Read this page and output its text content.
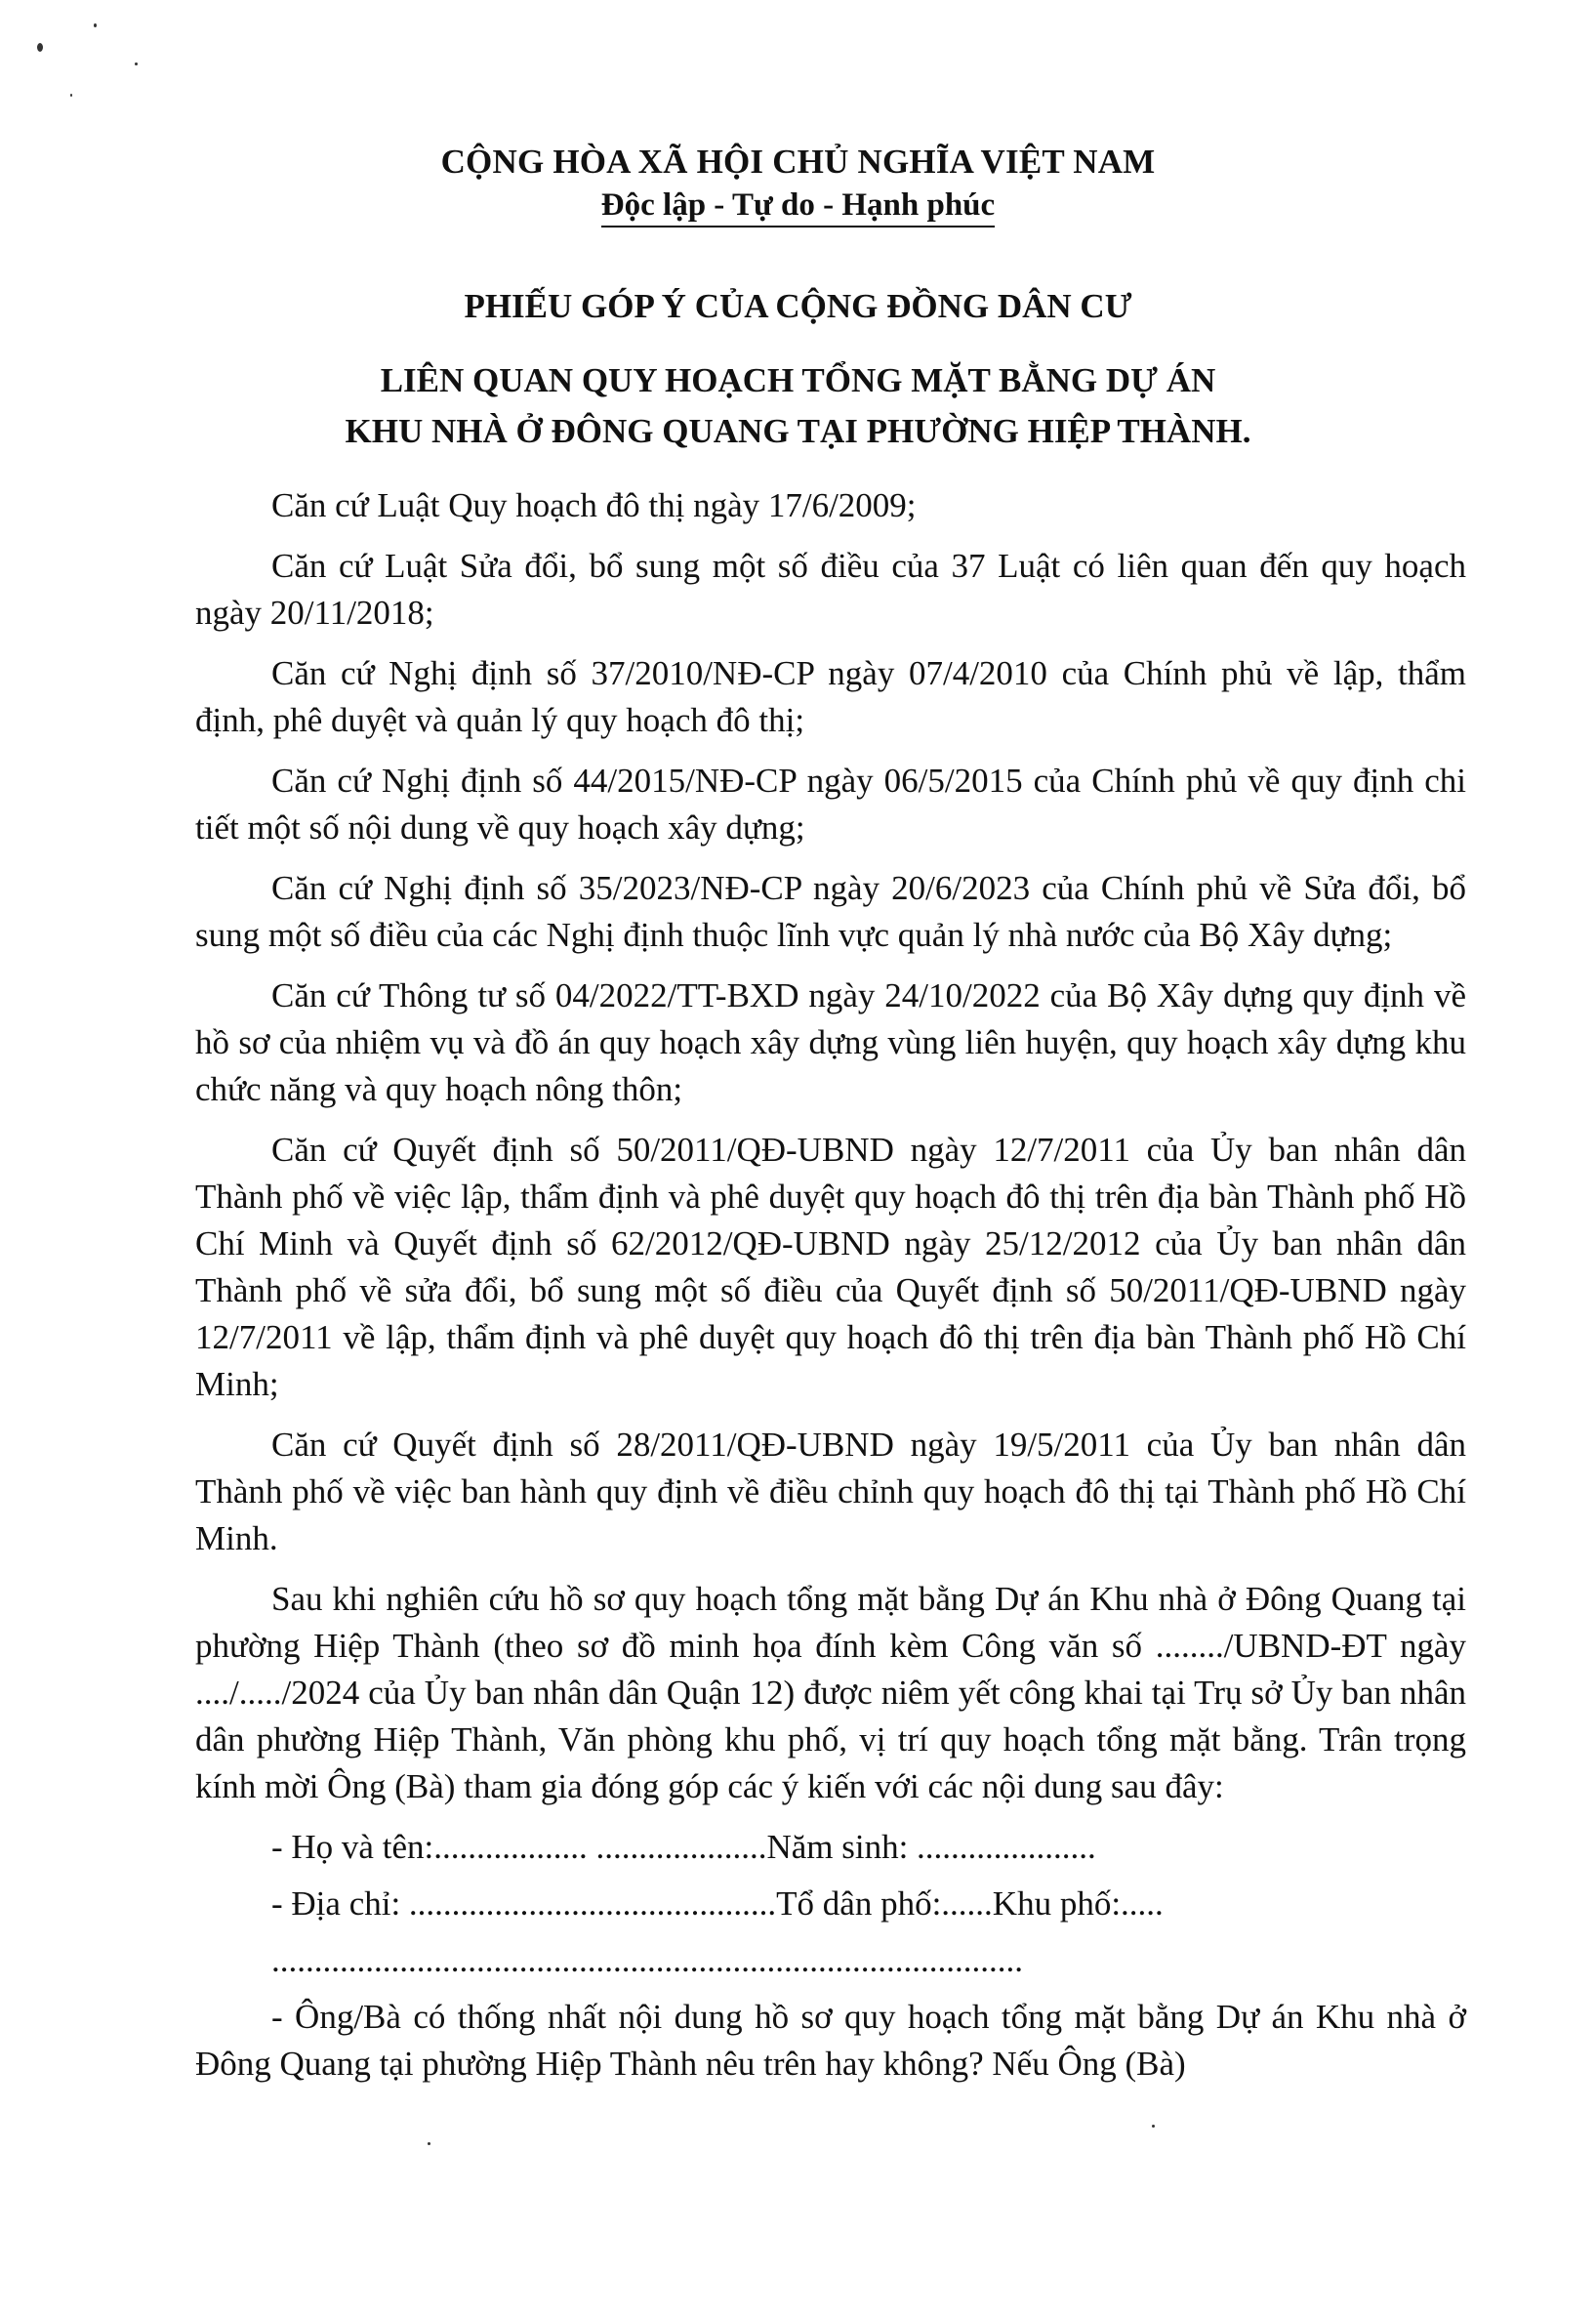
CỘNG HÒA XÃ HỘI CHỦ NGHĨA VIỆT NAM
Độc lập - Tự do - Hạnh phúc
PHIẾU GÓP Ý CỦA CỘNG ĐỒNG DÂN CƯ
LIÊN QUAN QUY HOẠCH TỔNG MẶT BẰNG DỰ ÁN
KHU NHÀ Ở ĐÔNG QUANG TẠI PHƯỜNG HIỆP THÀNH.

Căn cứ Luật Quy hoạch đô thị ngày 17/6/2009;

Căn cứ Luật Sửa đổi, bổ sung một số điều của 37 Luật có liên quan đến quy hoạch ngày 20/11/2018;

Căn cứ Nghị định số 37/2010/NĐ-CP ngày 07/4/2010 của Chính phủ về lập, thẩm định, phê duyệt và quản lý quy hoạch đô thị;

Căn cứ Nghị định số 44/2015/NĐ-CP ngày 06/5/2015 của Chính phủ về quy định chi tiết một số nội dung về quy hoạch xây dựng;

Căn cứ Nghị định số 35/2023/NĐ-CP ngày 20/6/2023 của Chính phủ về Sửa đổi, bổ sung một số điều của các Nghị định thuộc lĩnh vực quản lý nhà nước của Bộ Xây dựng;

Căn cứ Thông tư số 04/2022/TT-BXD ngày 24/10/2022 của Bộ Xây dựng quy định về hồ sơ của nhiệm vụ và đồ án quy hoạch xây dựng vùng liên huyện, quy hoạch xây dựng khu chức năng và quy hoạch nông thôn;

Căn cứ Quyết định số 50/2011/QĐ-UBND ngày 12/7/2011 của Ủy ban nhân dân Thành phố về việc lập, thẩm định và phê duyệt quy hoạch đô thị trên địa bàn Thành phố Hồ Chí Minh và Quyết định số 62/2012/QĐ-UBND ngày 25/12/2012 của Ủy ban nhân dân Thành phố về sửa đổi, bổ sung một số điều của Quyết định số 50/2011/QĐ-UBND ngày 12/7/2011 về lập, thẩm định và phê duyệt quy hoạch đô thị trên địa bàn Thành phố Hồ Chí Minh;

Căn cứ Quyết định số 28/2011/QĐ-UBND ngày 19/5/2011 của Ủy ban nhân dân Thành phố về việc ban hành quy định về điều chỉnh quy hoạch đô thị tại Thành phố Hồ Chí Minh.

Sau khi nghiên cứu hồ sơ quy hoạch tổng mặt bằng Dự án Khu nhà ở Đông Quang tại phường Hiệp Thành (theo sơ đồ minh họa đính kèm Công văn số ......../UBND-ĐT ngày ..../...../2024 của Ủy ban nhân dân Quận 12) được niêm yết công khai tại Trụ sở Ủy ban nhân dân phường Hiệp Thành, Văn phòng khu phố, vị trí quy hoạch tổng mặt bằng. Trân trọng kính mời Ông (Bà) tham gia đóng góp các ý kiến với các nội dung sau đây:

- Họ và tên:.................. ....................Năm sinh: .....................

- Địa chỉ: ...........................................Tổ dân phố:......Khu phố:.....

........................................................................................

- Ông/Bà có thống nhất nội dung hồ sơ quy hoạch tổng mặt bằng Dự án Khu nhà ở Đông Quang tại phường Hiệp Thành nêu trên hay không? Nếu Ông (Bà)
